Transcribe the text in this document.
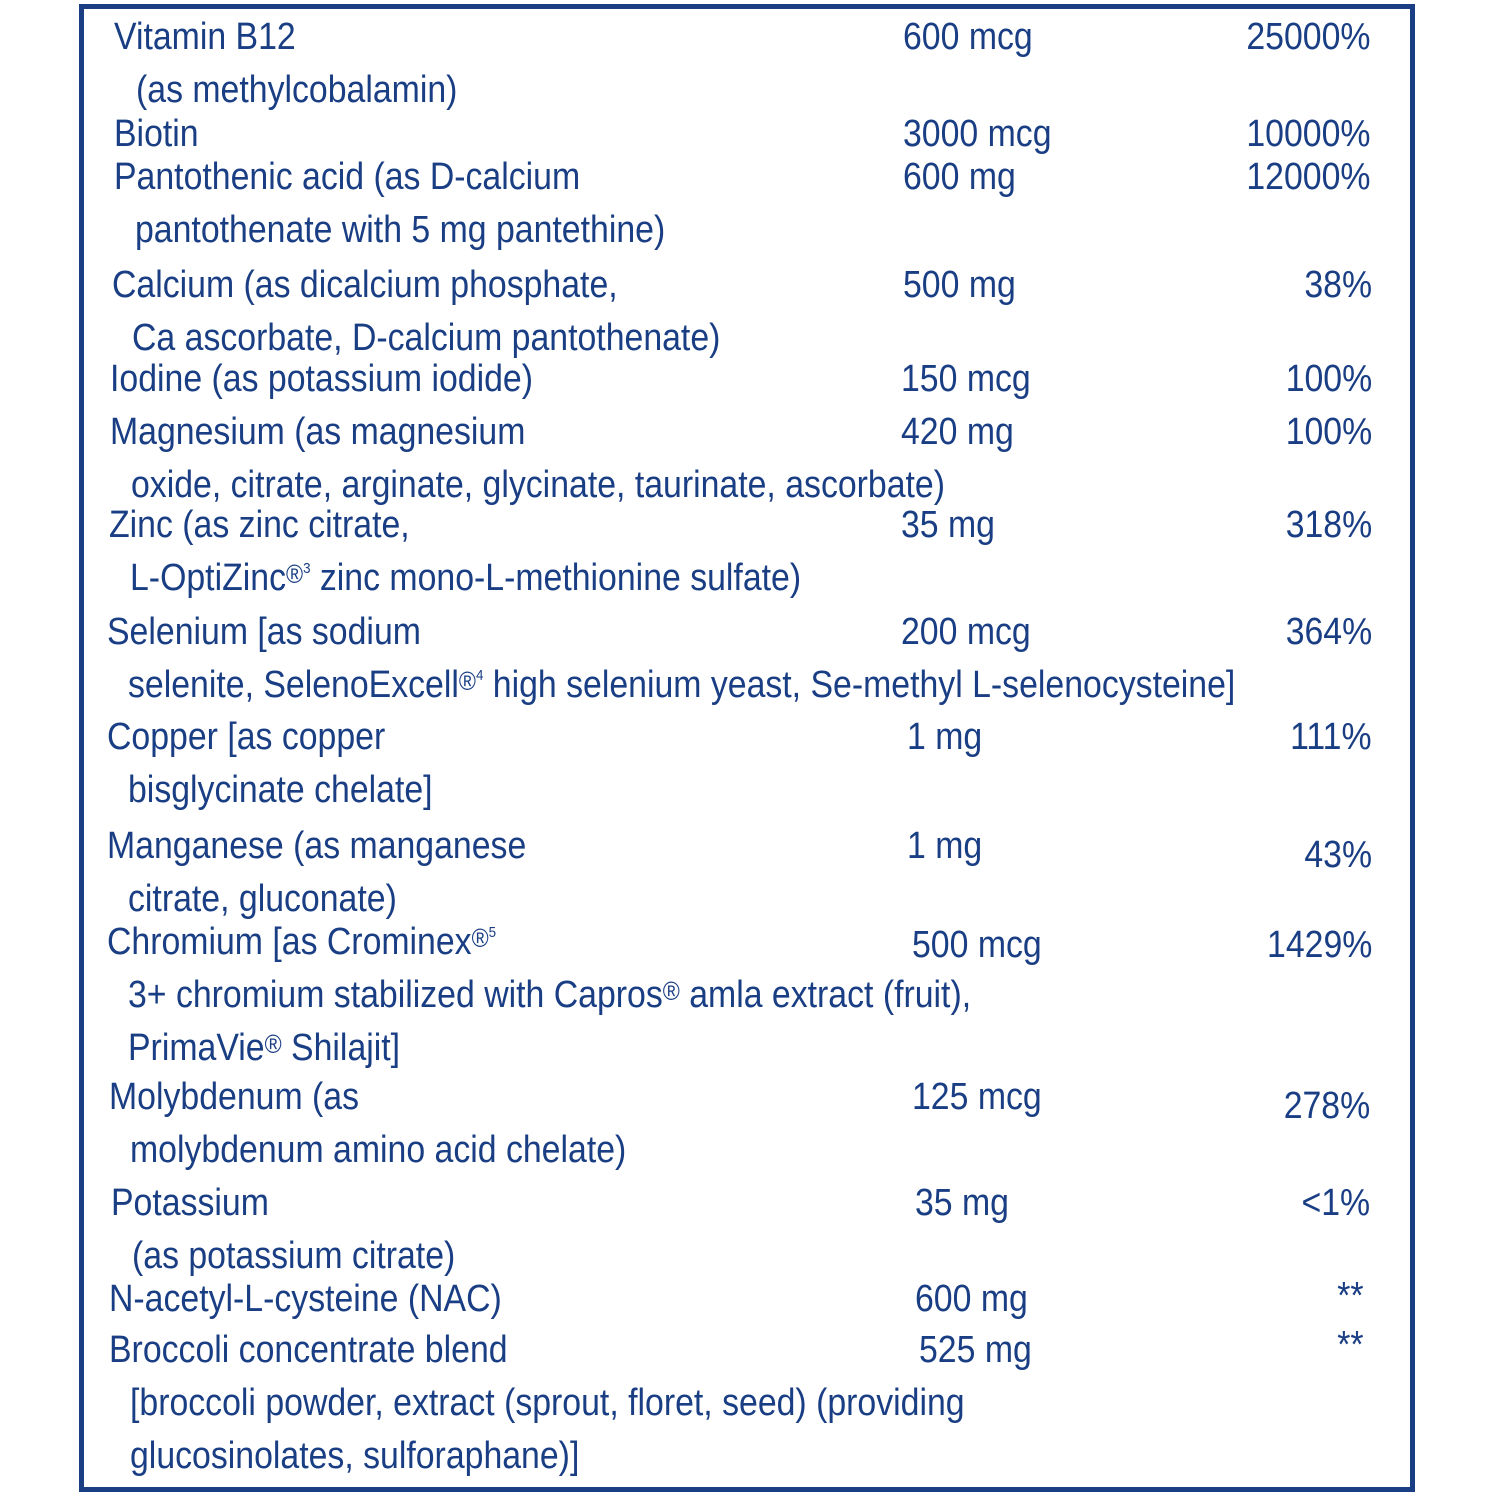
Vitamin B12
(as methylcobalamin)
600 mcg	25000%
Biotin	3000 mcg	10000%
Pantothenic acid (as D-calcium
pantothenate with 5 mg pantethine)
600 mg	12000%
Calcium (as dicalcium phosphate,
Ca ascorbate, D-calcium pantothenate)
500 mg	38%
Iodine (as potassium iodide)	150 mcg	100%
Magnesium (as magnesium
oxide, citrate, arginate, glycinate, taurinate, ascorbate)
420 mg	100%
Zinc (as zinc citrate,
L-OptiZinc$^{®3}$ zinc mono-L-methionine sulfate)
35 mg	318%
Selenium [as sodium
selenite, SelenoExcell$^{®4}$ high selenium yeast, Se-methyl L-selenocysteine]
200 mcg	364%
Copper [as copper
bisglycinate chelate]
1 mg	111%
Manganese (as manganese
citrate, gluconate)
1 mg	43%
Chromium [as Crominex$^{®5}$
3+ chromium stabilized with Capros® amla extract (fruit),
PrimaVie® Shilajit]
500 mcg	1429%
Molybdenum (as
molybdenum amino acid chelate)
125 mcg	278%
Potassium
(as potassium citrate)
35 mg	<1%
N-acetyl-L-cysteine (NAC)	600 mg	**
Broccoli concentrate blend
[broccoli powder, extract (sprout, floret, seed) (providing
glucosinolates, sulforaphane)]
525 mg	**
